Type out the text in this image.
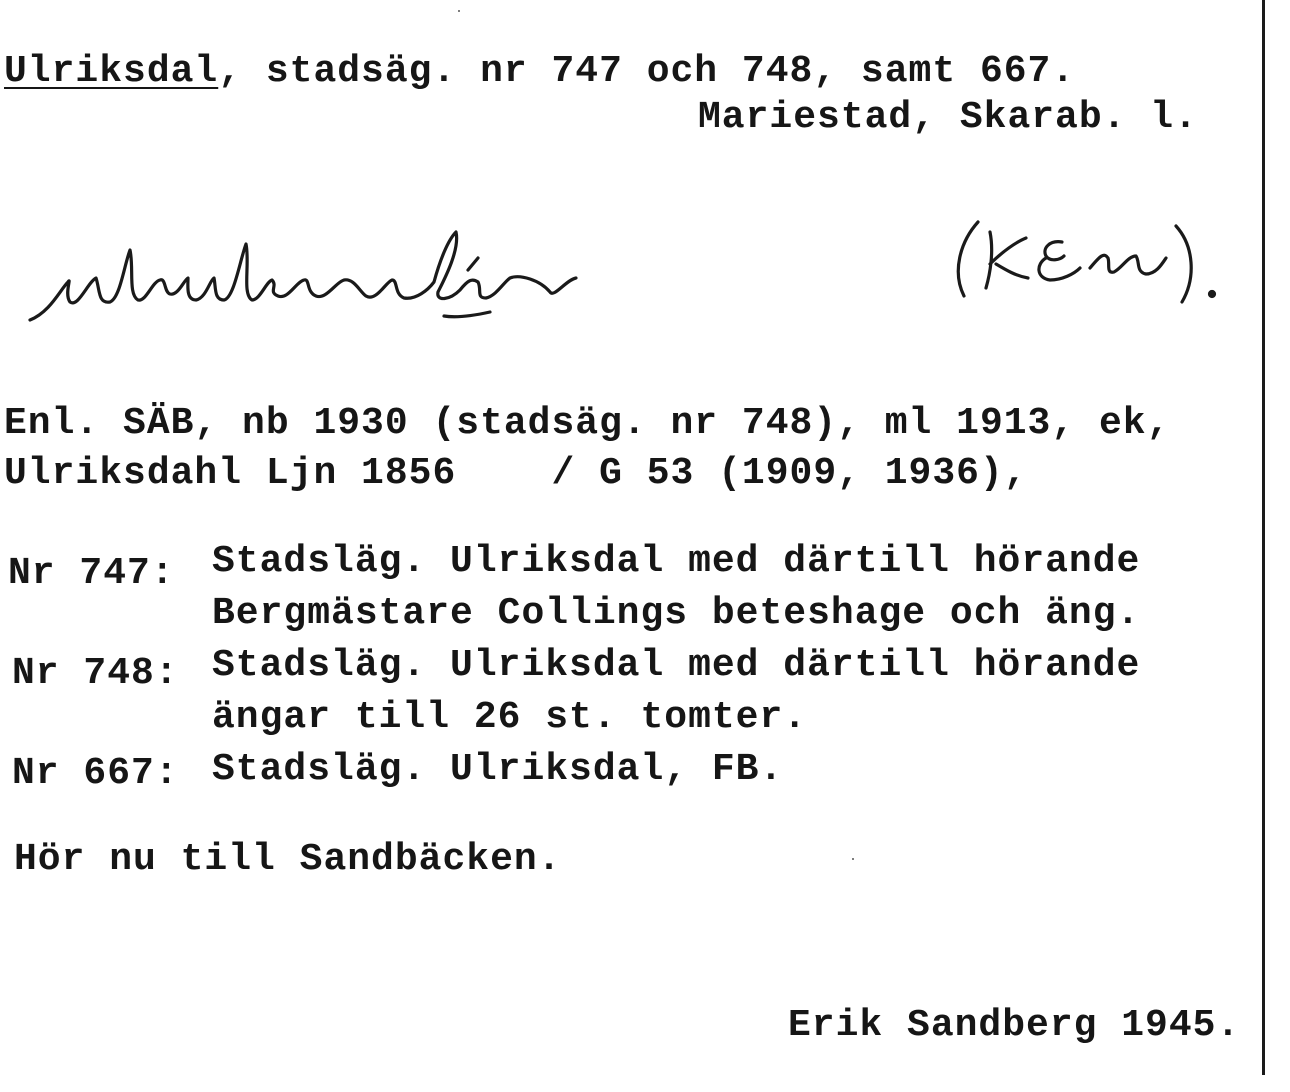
Ulriksdal, stadsäg. nr 747 och 748, samt 667.
Mariestad, Skarab. l.
Enl. SÄB, nb 1930 (stadsäg. nr 748), ml 1913, ek,
Ulriksdahl Ljn 1856    / G 53 (1909, 1936),
Nr 747: Stadsläg. Ulriksdal med därtill hörande
Bergmästare Collings beteshage och äng.
Nr 748: Stadsläg. Ulriksdal med därtill hörande
ängar till 26 st. tomter.
Nr 667: Stadsläg. Ulriksdal, FB.
Hör nu till Sandbäcken.
Erik Sandberg 1945.
